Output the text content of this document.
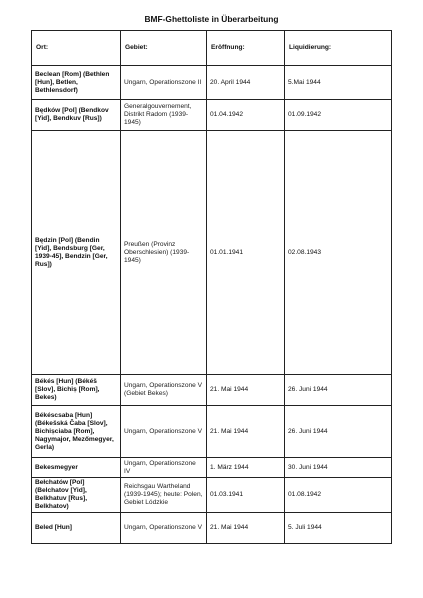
BMF-Ghettoliste in Überarbeitung
Ort:	Gebiet:	Eröffnung:	Liquidierung:
Beclean [Rom] (Bethlen [Hun], Betlen, Bethlensdorf)	Ungarn, Operationszone II	20. April 1944	5.Mai 1944
Będków [Pol] (Bendkov [Yid], Bendkuv [Rus])	Generalgouvernement, Distrikt Radom (1939-1945)	01.04.1942	01.09.1942
Będzin [Pol] (Bendin [Yid], Bendsburg [Ger, 1939-45], Bendzin [Ger, Rus])	Preußen (Provinz Oberschlesien) (1939-1945)	01.01.1941	02.08.1943
Békés [Hun] (Békéš [Slov], Bichiș [Rom], Bekes)	Ungarn, Operationszone V (Gebiet Bekes)	21. Mai 1944	26. Juni 1944
Békéscsaba [Hun] (Békešská Čaba [Slov], Bichișciaba [Rom], Nagymajor, Mezőmegyer, Gerla)	Ungarn, Operationszone V	21. Mai 1944	26. Juni 1944
Bekesmegyer	Ungarn, Operationszone IV	1. März 1944	30. Juni 1944
Bełchatów [Pol] (Belchatov [Yid], Belkhatuv [Rus], Belkhatov)	Reichsgau Wartheland (1939-1945); heute: Polen, Gebiet Lódzkie	01.03.1941	01.08.1942
Beled [Hun]	Ungarn, Operationszone V	21. Mai 1944	5. Juli 1944
